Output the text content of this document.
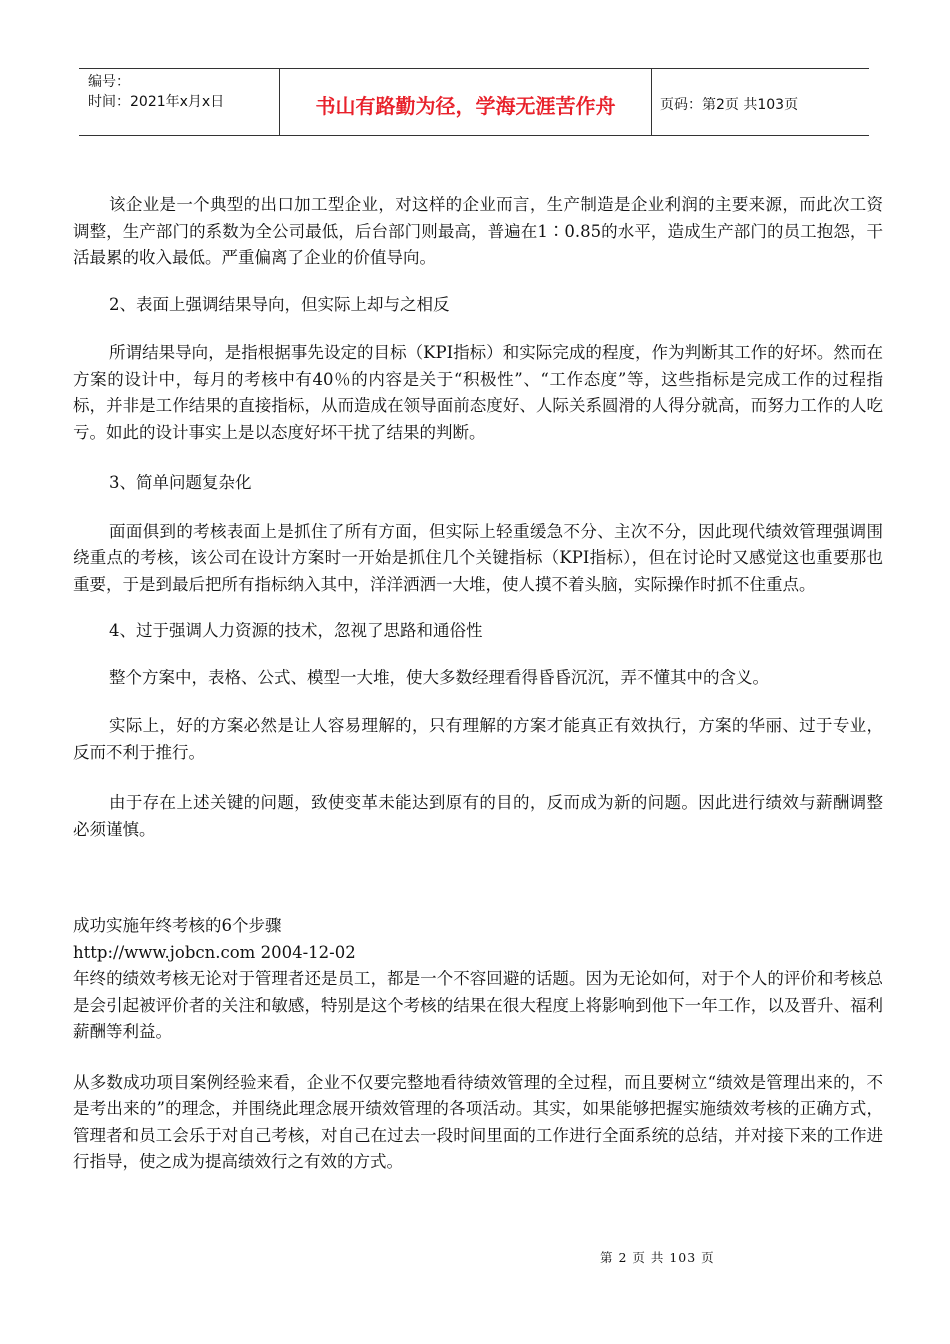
编号：
时间：2021年x月x日	书山有路勤为径，学海无涯苦作舟	页码：第2页 共103页

该企业是一个典型的出口加工型企业，对这样的企业而言，生产制造是企业利润的主要来源，而此次工资调整，生产部门的系数为全公司最低，后台部门则最高，普遍在1∶0.85的水平，造成生产部门的员工抱怨，干活最累的收入最低。严重偏离了企业的价值导向。

2、表面上强调结果导向，但实际上却与之相反

所谓结果导向，是指根据事先设定的目标（KPI指标）和实际完成的程度，作为判断其工作的好坏。然而在方案的设计中，每月的考核中有40％的内容是关于“积极性”、“工作态度”等，这些指标是完成工作的过程指标，并非是工作结果的直接指标，从而造成在领导面前态度好、人际关系圆滑的人得分就高，而努力工作的人吃亏。如此的设计事实上是以态度好坏干扰了结果的判断。

3、简单问题复杂化

面面俱到的考核表面上是抓住了所有方面，但实际上轻重缓急不分、主次不分，因此现代绩效管理强调围绕重点的考核，该公司在设计方案时一开始是抓住几个关键指标（KPI指标），但在讨论时又感觉这也重要那也重要，于是到最后把所有指标纳入其中，洋洋洒洒一大堆，使人摸不着头脑，实际操作时抓不住重点。

4、过于强调人力资源的技术，忽视了思路和通俗性

整个方案中，表格、公式、模型一大堆，使大多数经理看得昏昏沉沉，弄不懂其中的含义。

实际上，好的方案必然是让人容易理解的，只有理解的方案才能真正有效执行，方案的华丽、过于专业，反而不利于推行。

由于存在上述关键的问题，致使变革未能达到原有的目的，反而成为新的问题。因此进行绩效与薪酬调整必须谨慎。

成功实施年终考核的6个步骤

http://www.jobcn.com 2004-12-02

年终的绩效考核无论对于管理者还是员工，都是一个不容回避的话题。因为无论如何，对于个人的评价和考核总是会引起被评价者的关注和敏感，特别是这个考核的结果在很大程度上将影响到他下一年工作，以及晋升、福利薪酬等利益。

从多数成功项目案例经验来看，企业不仅要完整地看待绩效管理的全过程，而且要树立“绩效是管理出来的，不是考出来的”的理念，并围绕此理念展开绩效管理的各项活动。其实，如果能够把握实施绩效考核的正确方式，管理者和员工会乐于对自己考核，对自己在过去一段时间里面的工作进行全面系统的总结，并对接下来的工作进行指导，使之成为提高绩效行之有效的方式。

第 2 页 共 103 页
